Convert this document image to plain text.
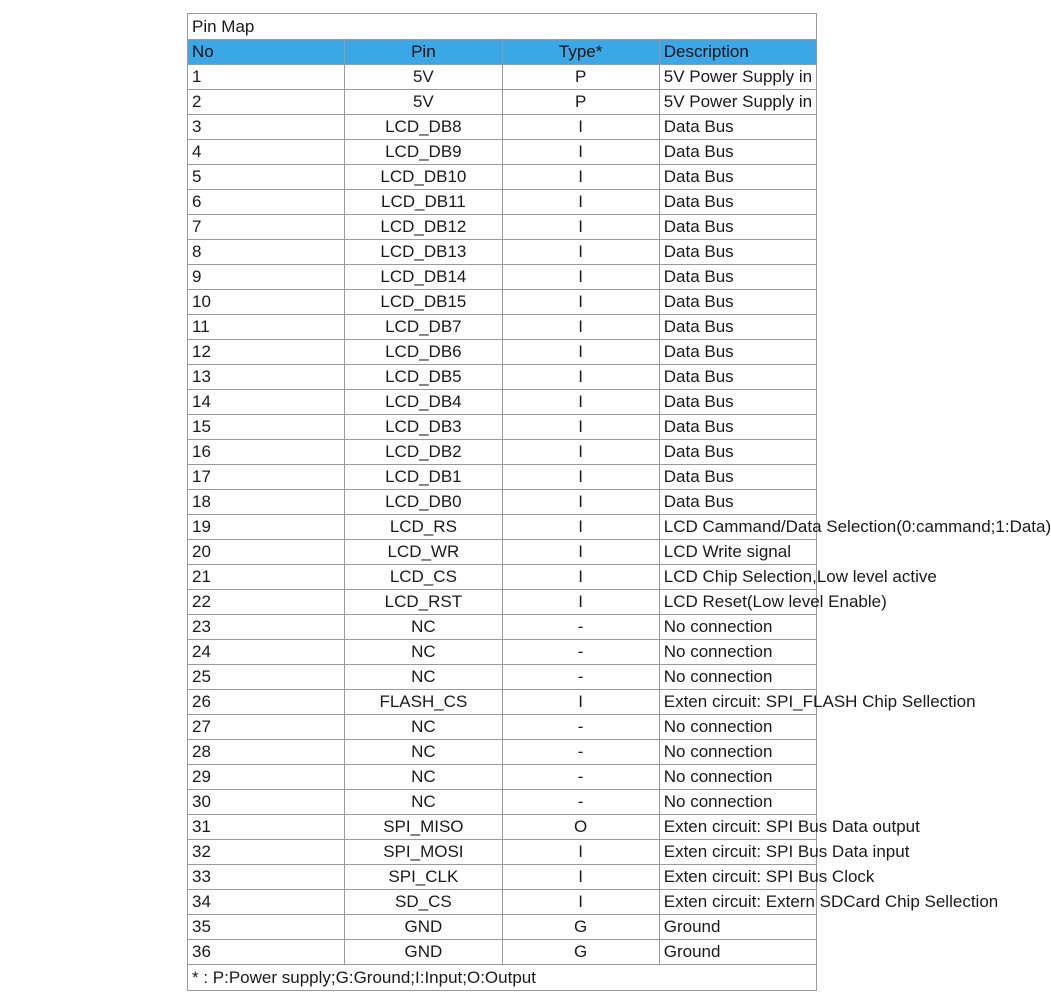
Pin Map			
No	Pin	Type*	Description
1	5V	P	5V Power Supply in
2	5V	P	5V Power Supply in
3	LCD_DB8	I	Data Bus
4	LCD_DB9	I	Data Bus
5	LCD_DB10	I	Data Bus
6	LCD_DB11	I	Data Bus
7	LCD_DB12	I	Data Bus
8	LCD_DB13	I	Data Bus
9	LCD_DB14	I	Data Bus
10	LCD_DB15	I	Data Bus
11	LCD_DB7	I	Data Bus
12	LCD_DB6	I	Data Bus
13	LCD_DB5	I	Data Bus
14	LCD_DB4	I	Data Bus
15	LCD_DB3	I	Data Bus
16	LCD_DB2	I	Data Bus
17	LCD_DB1	I	Data Bus
18	LCD_DB0	I	Data Bus
19	LCD_RS	I	LCD Cammand/Data Selection(0:cammand;1:Data)
20	LCD_WR	I	LCD Write signal
21	LCD_CS	I	LCD Chip Selection,Low level active
22	LCD_RST	I	LCD Reset(Low level Enable)
23	NC	-	No connection
24	NC	-	No connection
25	NC	-	No connection
26	FLASH_CS	I	Exten circuit: SPI_FLASH Chip Sellection
27	NC	-	No connection
28	NC	-	No connection
29	NC	-	No connection
30	NC	-	No connection
31	SPI_MISO	O	Exten circuit: SPI Bus Data output
32	SPI_MOSI	I	Exten circuit: SPI Bus Data input
33	SPI_CLK	I	Exten circuit: SPI Bus Clock
34	SD_CS	I	Exten circuit: Extern SDCard Chip Sellection
35	GND	G	Ground
36	GND	G	Ground
* : P:Power supply;G:Ground;I:Input;O:Output			
